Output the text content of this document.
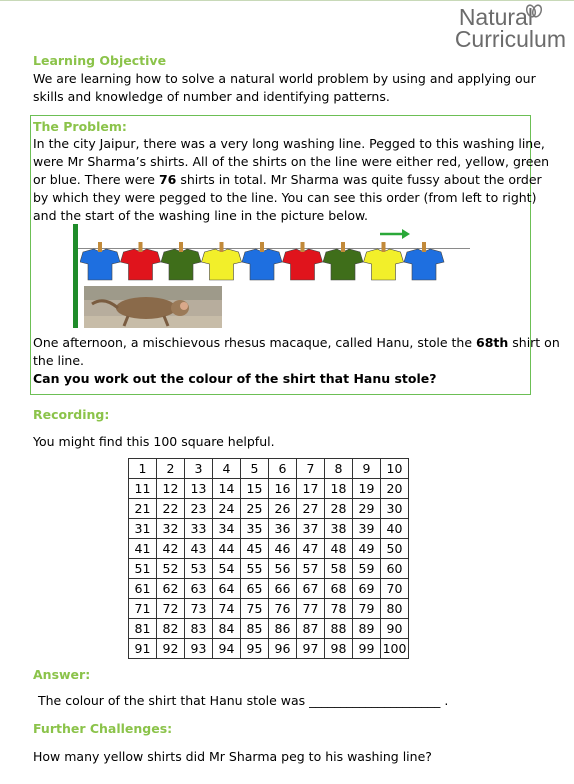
Natural
Curriculum
Learning Objective
We are learning how to solve a natural world problem by using and applying our
skills and knowledge of number and identifying patterns.
The Problem:
In the city Jaipur, there was a very long washing line. Pegged to this washing line,
were Mr Sharma’s shirts. All of the shirts on the line were either red, yellow, green
or blue. There were 76 shirts in total. Mr Sharma was quite fussy about the order
by which they were pegged to the line. You can see this order (from left to right)
and the start of the washing line in the picture below.
One afternoon, a mischievous rhesus macaque, called Hanu, stole the 68th shirt on
the line.
Can you work out the colour of the shirt that Hanu stole?
Recording:
You might find this 100 square helpful.
1	2	3	4	5	6	7	8	9	10
11	12	13	14	15	16	17	18	19	20
21	22	23	24	25	26	27	28	29	30
31	32	33	34	35	36	37	38	39	40
41	42	43	44	45	46	47	48	49	50
51	52	53	54	55	56	57	58	59	60
61	62	63	64	65	66	67	68	69	70
71	72	73	74	75	76	77	78	79	80
81	82	83	84	85	86	87	88	89	90
91	92	93	94	95	96	97	98	99	100
Answer:
The colour of the shirt that Hanu stole was _____________________ .
Further Challenges:
How many yellow shirts did Mr Sharma peg to his washing line?
